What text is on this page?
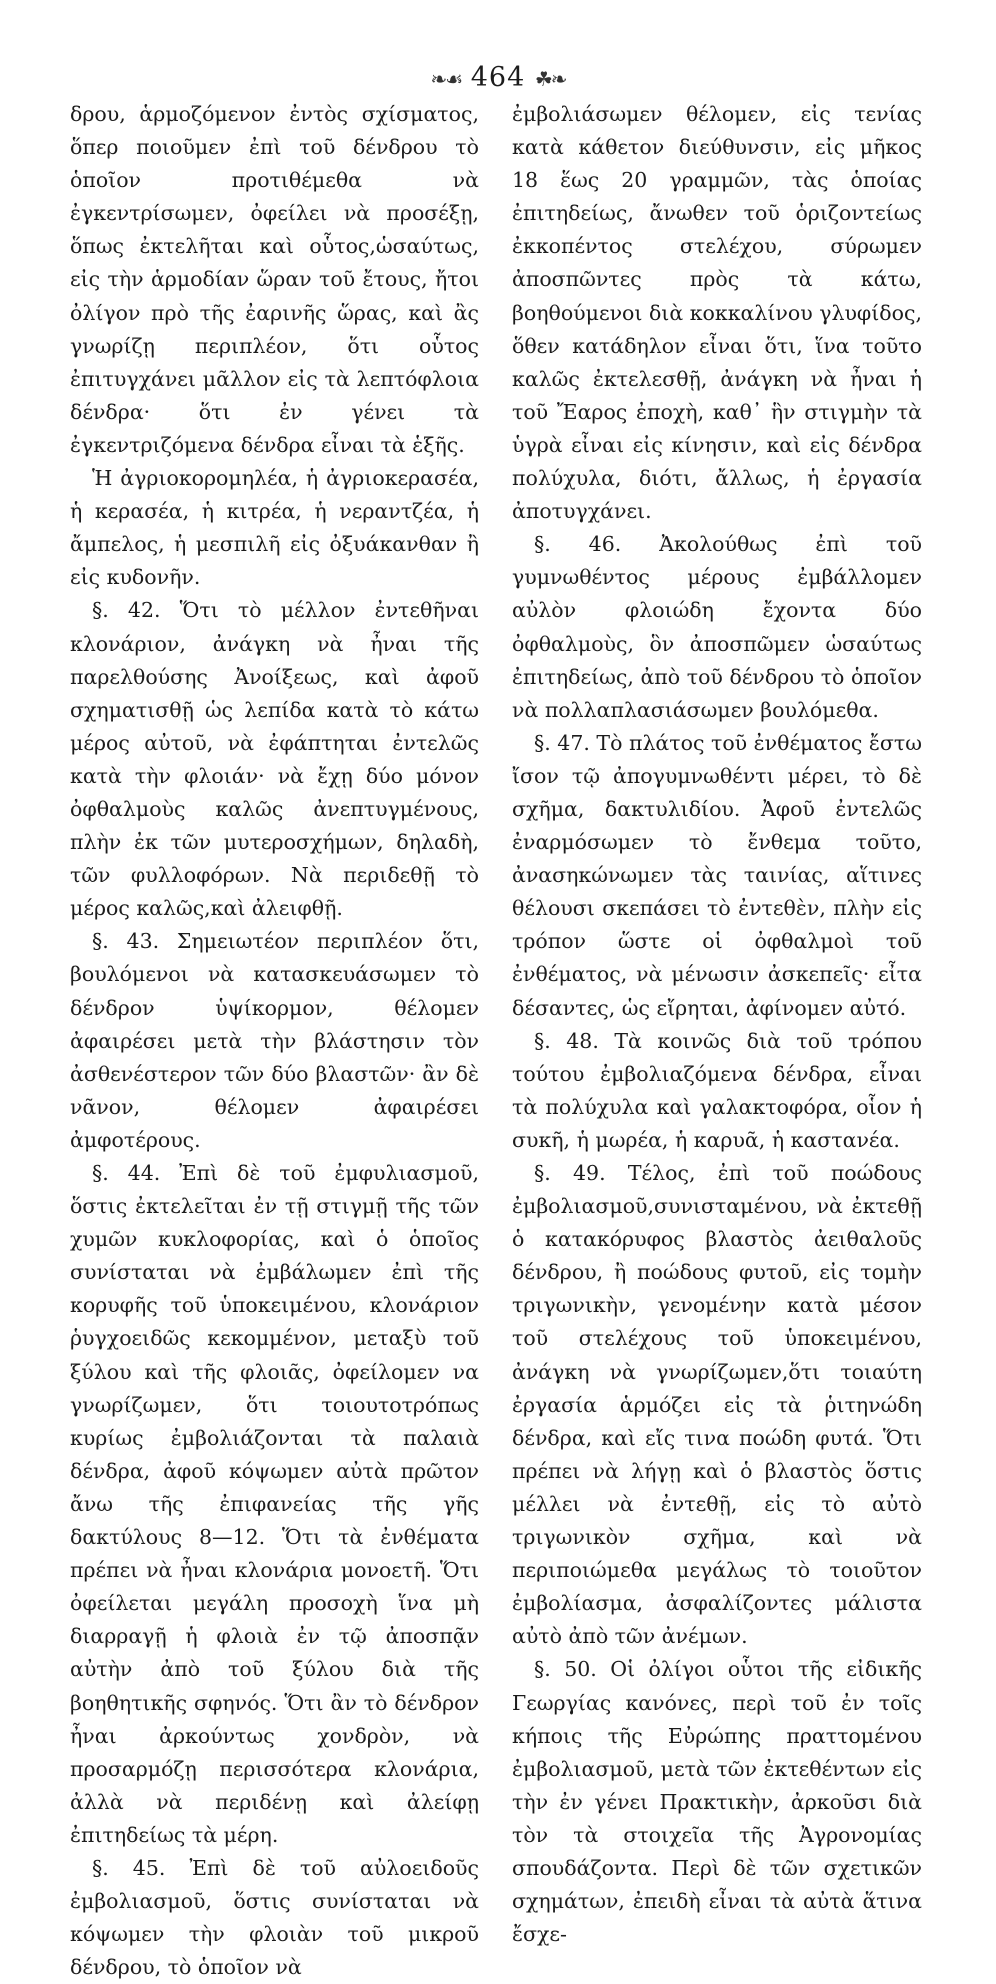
❧☙ 464 ☘❧

δρου, ἁρμοζόμενον ἐντὸς σχίσματος, ὅπερ ποιοῦμεν ἐπὶ τοῦ δένδρου τὸ ὁποῖον προτιθέμεθα νὰ ἐγκεντρίσωμεν, ὀφείλει νὰ προσέξῃ, ὅπως ἐκτελῆται καὶ οὗτος,ὡσαύτως, εἰς τὴν ἁρμοδίαν ὥραν τοῦ ἔτους, ἤτοι ὀλίγον πρὸ τῆς ἐαρινῆς ὥρας, καὶ ἂς γνωρίζῃ περιπλέον, ὅτι οὗτος ἐπιτυγχάνει μᾶλλον εἰς τὰ λεπτόφλοια δένδρα· ὅτι ἐν γένει τὰ ἐγκεντριζόμενα δένδρα εἶναι τὰ ἑξῆς.

Ἡ ἀγριοκορομηλέα, ἡ ἀγριοκερασέα, ἡ κερασέα, ἡ κιτρέα, ἡ νεραντζέα, ἡ ἄμπελος, ἡ μεσπιλῆ εἰς ὀξυάκανθαν ἢ εἰς κυδονῆν.

§. 42. Ὅτι τὸ μέλλον ἐντεθῆναι κλονάριον, ἀνάγκη νὰ ἦναι τῆς παρελθούσης Ἀνοίξεως, καὶ ἀφοῦ σχηματισθῇ ὡς λεπίδα κατὰ τὸ κάτω μέρος αὐτοῦ, νὰ ἐφάπτηται ἐντελῶς κατὰ τὴν φλοιάν· νὰ ἔχῃ δύο μόνον ὀφθαλμοὺς καλῶς ἀνεπτυγμένους, πλὴν ἐκ τῶν μυτεροσχήμων, δηλαδὴ, τῶν φυλλοφόρων. Νὰ περιδεθῇ τὸ μέρος καλῶς,καὶ ἀλειφθῇ.

§. 43. Σημειωτέον περιπλέον ὅτι, βουλόμενοι νὰ κατασκευάσωμεν τὸ δένδρον ὑψίκορμον, θέλομεν ἀφαιρέσει μετὰ τὴν βλάστησιν τὸν ἀσθενέστερον τῶν δύο βλαστῶν· ἂν δὲ νᾶνον, θέλομεν ἀφαιρέσει ἀμφοτέρους.

§. 44. Ἐπὶ δὲ τοῦ ἐμφυλιασμοῦ, ὅστις ἐκτελεῖται ἐν τῇ στιγμῇ τῆς τῶν χυμῶν κυκλοφορίας, καὶ ὁ ὁποῖος συνίσταται νὰ ἐμβάλωμεν ἐπὶ τῆς κορυφῆς τοῦ ὑποκειμένου, κλονάριον ῥυγχοειδῶς κεκομμένον, μεταξὺ τοῦ ξύλου καὶ τῆς φλοιᾶς, ὀφείλομεν να γνωρίζωμεν, ὅτι τοιουτοτρόπως κυρίως ἐμβολιάζονται τὰ παλαιὰ δένδρα, ἀφοῦ κόψωμεν αὐτὰ πρῶτον ἄνω τῆς ἐπιφανείας τῆς γῆς δακτύλους 8—12. Ὅτι τὰ ἐνθέματα πρέπει νὰ ἦναι κλονάρια μονοετῆ. Ὅτι ὀφείλεται μεγάλη προσοχὴ ἵνα μὴ διαρραγῇ ἡ φλοιὰ ἐν τῷ ἀποσπᾷν αὐτὴν ἀπὸ τοῦ ξύλου διὰ τῆς βοηθητικῆς σφηνός. Ὅτι ἂν τὸ δένδρον ἦναι ἀρκούντως χονδρὸν, νὰ προσαρμόζῃ περισσότερα κλονάρια, ἀλλὰ νὰ περιδένῃ καὶ ἀλείφῃ ἐπιτηδείως τὰ μέρη.

§. 45. Ἐπὶ δὲ τοῦ αὐλοειδοῦς ἐμβολιασμοῦ, ὅστις συνίσταται νὰ κόψωμεν τὴν φλοιὰν τοῦ μικροῦ δένδρου, τὸ ὁποῖον νὰ

ἐμβολιάσωμεν θέλομεν, εἰς τενίας κατὰ κάθετον διεύθυνσιν, εἰς μῆκος 18 ἕως 20 γραμμῶν, τὰς ὁποίας ἐπιτηδείως, ἄνωθεν τοῦ ὁριζοντείως ἐκκοπέντος στελέχου, σύρωμεν ἀποσπῶντες πρὸς τὰ κάτω, βοηθούμενοι διὰ κοκκαλίνου γλυφίδος, ὅθεν κατάδηλον εἶναι ὅτι, ἵνα τοῦτο καλῶς ἐκτελεσθῇ, ἀνάγκη νὰ ἦναι ἡ τοῦ Ἔαρος ἐποχὴ, καθ᾿ ἣν στιγμὴν τὰ ὑγρὰ εἶναι εἰς κίνησιν, καὶ εἰς δένδρα πολύχυλα, διότι, ἄλλως, ἡ ἐργασία ἀποτυγχάνει.

§. 46. Ἀκολούθως ἐπὶ τοῦ γυμνωθέντος μέρους ἐμβάλλομεν αὐλὸν φλοιώδη ἔχοντα δύο ὀφθαλμοὺς, ὃν ἀποσπῶμεν ὡσαύτως ἐπιτηδείως, ἀπὸ τοῦ δένδρου τὸ ὁποῖον νὰ πολλαπλασιάσωμεν βουλόμεθα.

§. 47. Τὸ πλάτος τοῦ ἐνθέματος ἔστω ἴσον τῷ ἀπογυμνωθέντι μέρει, τὸ δὲ σχῆμα, δακτυλιδίου. Ἀφοῦ ἐντελῶς ἐναρμόσωμεν τὸ ἔνθεμα τοῦτο, ἀνασηκώνωμεν τὰς ταινίας, αἵτινες θέλουσι σκεπάσει τὸ ἐντεθὲν, πλὴν εἰς τρόπον ὥστε οἱ ὀφθαλμοὶ τοῦ ἐνθέματος, νὰ μένωσιν ἀσκεπεῖς· εἶτα δέσαντες, ὡς εἴρηται, ἀφίνομεν αὐτό.

§. 48. Τὰ κοινῶς διὰ τοῦ τρόπου τούτου ἐμβολιαζόμενα δένδρα, εἶναι τὰ πολύχυλα καὶ γαλακτοφόρα, οἷον ἡ συκῆ, ἡ μωρέα, ἡ καρυᾶ, ἡ καστανέα.

§. 49. Τέλος, ἐπὶ τοῦ ποώδους ἐμβολιασμοῦ,συνισταμένου, νὰ ἐκτεθῇ ὁ κατακόρυφος βλαστὸς ἀειθαλοῦς δένδρου, ἢ ποώδους φυτοῦ, εἰς τομὴν τριγωνικὴν, γενομένην κατὰ μέσον τοῦ στελέχους τοῦ ὑποκειμένου, ἀνάγκη νὰ γνωρίζωμεν,ὅτι τοιαύτη ἐργασία ἁρμόζει εἰς τὰ ῥιτηνώδη δένδρα, καὶ εἴς τινα ποώδη φυτά. Ὅτι πρέπει νὰ λήγῃ καὶ ὁ βλαστὸς ὅστις μέλλει νὰ ἐντεθῇ, εἰς τὸ αὐτὸ τριγωνικὸν σχῆμα, καὶ νὰ περιποιώμεθα μεγάλως τὸ τοιοῦτον ἐμβολίασμα, ἀσφαλίζοντες μάλιστα αὐτὸ ἀπὸ τῶν ἀνέμων.

§. 50. Οἱ ὀλίγοι οὗτοι τῆς εἰδικῆς Γεωργίας κανόνες, περὶ τοῦ ἐν τοῖς κήποις τῆς Εὐρώπης πραττομένου ἐμβολιασμοῦ, μετὰ τῶν ἐκτεθέντων εἰς τὴν ἐν γένει Πρακτικὴν, ἀρκοῦσι διὰ τὸν τὰ στοιχεῖα τῆς Ἀγρονομίας σπουδάζοντα. Περὶ δὲ τῶν σχετικῶν σχημάτων, ἐπειδὴ εἶναι τὰ αὐτὰ ἅτινα ἔσχε-
